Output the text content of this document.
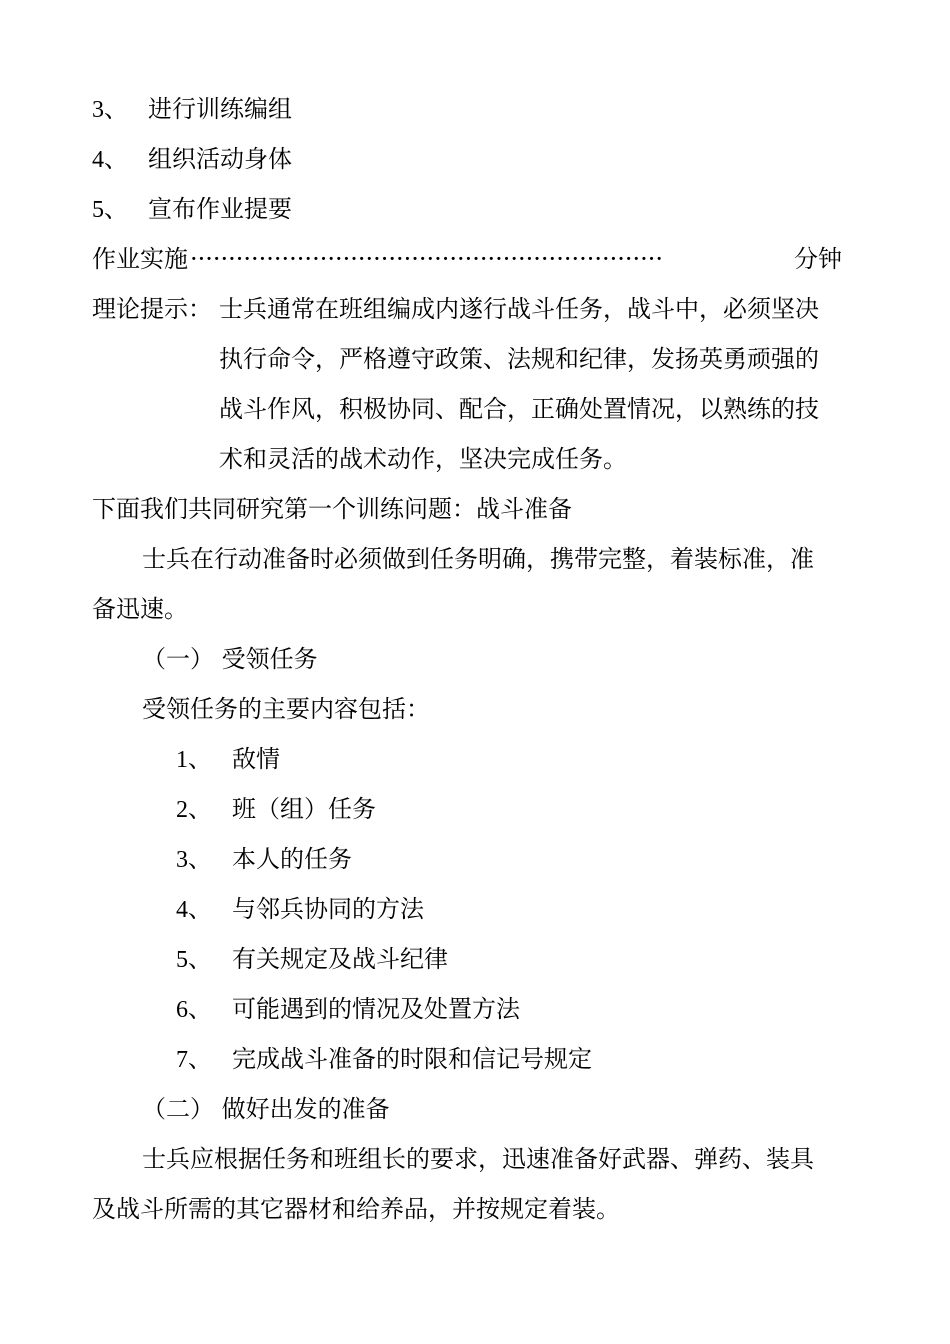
3、 进行训练编组
4、 组织活动身体
5、 宣布作业提要
作业实施 ······························································	分钟
理论提示： 士兵通常在班组编成内遂行战斗任务，战斗中，必须坚决
执行命令，严格遵守政策、法规和纪律，发扬英勇顽强的
战斗作风，积极协同、配合，正确处置情况，以熟练的技
术和灵活的战术动作，坚决完成任务。
下面我们共同研究第一个训练问题：战斗准备
士兵在行动准备时必须做到任务明确，携带完整，着装标准，准
备迅速。
（一） 受领任务
受领任务的主要内容包括：
1、 敌情
2、 班（组）任务
3、 本人的任务
4、 与邻兵协同的方法
5、 有关规定及战斗纪律
6、 可能遇到的情况及处置方法
7、 完成战斗准备的时限和信记号规定
（二） 做好出发的准备
士兵应根据任务和班组长的要求，迅速准备好武器、弹药、装具
及战斗所需的其它器材和给养品，并按规定着装。
